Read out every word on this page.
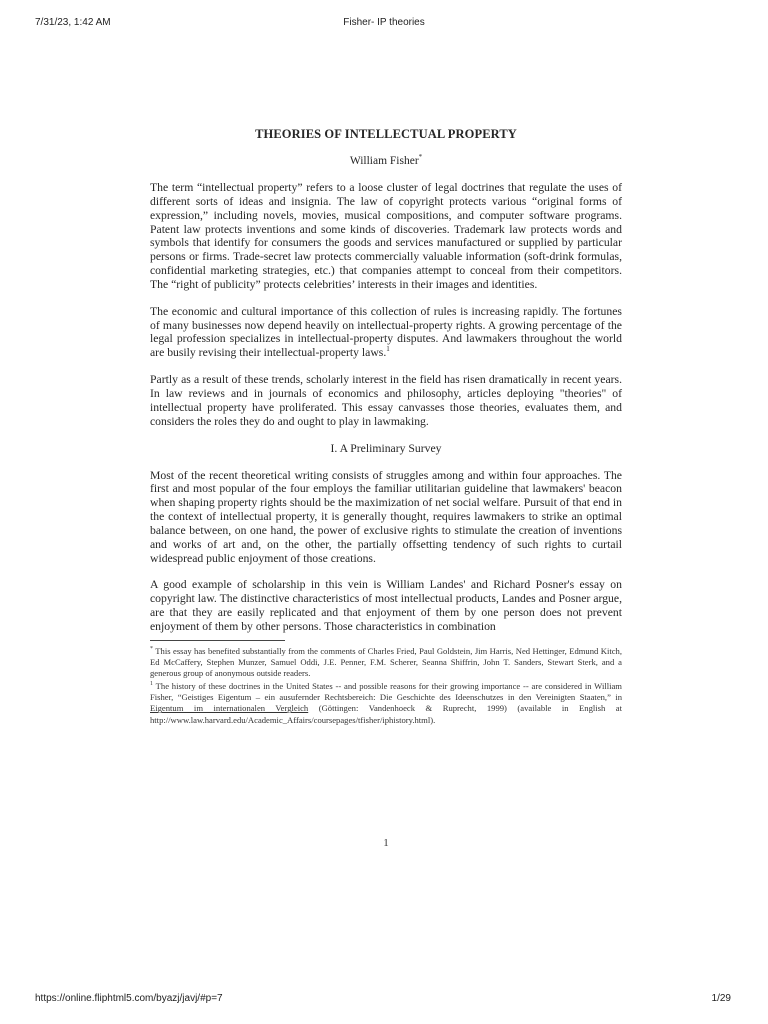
7/31/23, 1:42 AM	Fisher- IP theories
THEORIES OF INTELLECTUAL PROPERTY
William Fisher*

The term “intellectual property” refers to a loose cluster of legal doctrines that regulate the uses of different sorts of ideas and insignia. The law of copyright protects various “original forms of expression,” including novels, movies, musical compositions, and computer software programs. Patent law protects inventions and some kinds of discoveries. Trademark law protects words and symbols that identify for consumers the goods and services manufactured or supplied by particular persons or firms. Trade-secret law protects commercially valuable information (soft-drink formulas, confidential marketing strategies, etc.) that companies attempt to conceal from their competitors. The “right of publicity” protects celebrities’ interests in their images and identities.

The economic and cultural importance of this collection of rules is increasing rapidly. The fortunes of many businesses now depend heavily on intellectual-property rights. A growing percentage of the legal profession specializes in intellectual-property disputes. And lawmakers throughout the world are busily revising their intellectual-property laws.$^1$

Partly as a result of these trends, scholarly interest in the field has risen dramatically in recent years. In law reviews and in journals of economics and philosophy, articles deploying "theories" of intellectual property have proliferated. This essay canvasses those theories, evaluates them, and considers the roles they do and ought to play in lawmaking.

I. A Preliminary Survey

Most of the recent theoretical writing consists of struggles among and within four approaches. The first and most popular of the four employs the familiar utilitarian guideline that lawmakers' beacon when shaping property rights should be the maximization of net social welfare. Pursuit of that end in the context of intellectual property, it is generally thought, requires lawmakers to strike an optimal balance between, on one hand, the power of exclusive rights to stimulate the creation of inventions and works of art and, on the other, the partially offsetting tendency of such rights to curtail widespread public enjoyment of those creations.

A good example of scholarship in this vein is William Landes' and Richard Posner's essay on copyright law. The distinctive characteristics of most intellectual products, Landes and Posner argue, are that they are easily replicated and that enjoyment of them by one person does not prevent enjoyment of them by other persons. Those characteristics in combination

* This essay has benefited substantially from the comments of Charles Fried, Paul Goldstein, Jim Harris, Ned Hettinger, Edmund Kitch, Ed McCaffery, Stephen Munzer, Samuel Oddi, J.E. Penner, F.M. Scherer, Seanna Shiffrin, John T. Sanders, Stewart Sterk, and a generous group of anonymous outside readers.

$^1$ The history of these doctrines in the United States -- and possible reasons for their growing importance -- are considered in William Fisher, “Geistiges Eigentum – ein ausufernder Rechtsbereich: Die Geschichte des Ideenschutzes in den Vereinigten Staaten,” in Eigentum im internationalen Vergleich (Göttingen: Vandenhoeck & Ruprecht, 1999) (available in English at http://www.law.harvard.edu/Academic_Affairs/coursepages/tfisher/iphistory.html).

1
https://online.fliphtml5.com/byazj/javj/#p=7	1/29
